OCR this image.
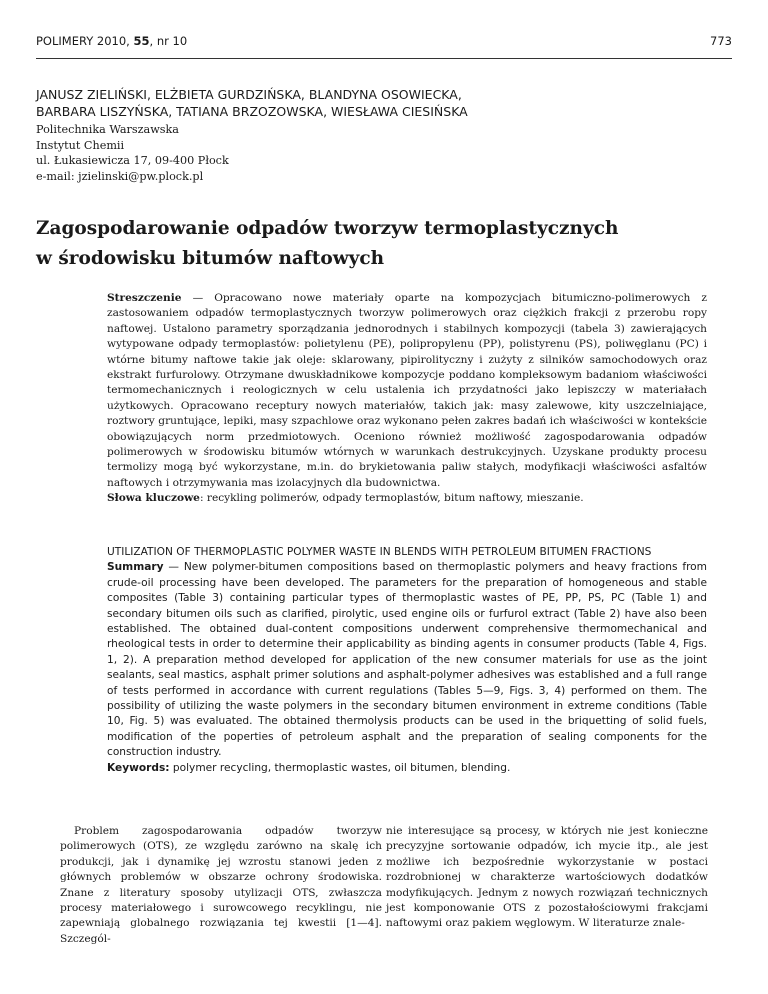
POLIMERY 2010, 55, nr 10	773
JANUSZ ZIELIŃSKI, ELŻBIETA GURDZIŃSKA, BLANDYNA OSOWIECKA,
BARBARA LISZYŃSKA, TATIANA BRZOZOWSKA, WIESŁAWA CIESIŃSKA
Politechnika Warszawska
Instytut Chemii
ul. Łukasiewicza 17, 09-400 Płock
e-mail: jzielinski@pw.plock.pl
Zagospodarowanie odpadów tworzyw termoplastycznych
w środowisku bitumów naftowych

Streszczenie — Opracowano nowe materiały oparte na kompozycjach bitumiczno-polimerowych z zastosowaniem odpadów termoplastycznych tworzyw polimerowych oraz ciężkich frakcji z przerobu ropy naftowej. Ustalono parametry sporządzania jednorodnych i stabilnych kompozycji (tabela 3) zawierających wytypowane odpady termoplastów: polietylenu (PE), polipropylenu (PP), polistyrenu (PS), poliwęglanu (PC) i wtórne bitumy naftowe takie jak oleje: sklarowany, pipirolityczny i zużyty z silników samochodowych oraz ekstrakt furfurolowy. Otrzymane dwuskładnikowe kompozycje poddano kompleksowym badaniom właściwości termomechanicznych i reologicznych w celu ustalenia ich przydatności jako lepiszczy w materiałach użytkowych. Opracowano receptury nowych materiałów, takich jak: masy zalewowe, kity uszczelniające, roztwory gruntujące, lepiki, masy szpachlowe oraz wykonano pełen zakres badań ich właściwości w kontekście obowiązujących norm przedmiotowych. Oceniono również możliwość zagospodarowania odpadów polimerowych w środowisku bitumów wtórnych w warunkach destrukcyjnych. Uzyskane produkty procesu termolizy mogą być wykorzystane, m.in. do brykietowania paliw stałych, modyfikacji właściwości asfaltów naftowych i otrzymywania mas izolacyjnych dla budownictwa.

Słowa kluczowe: recykling polimerów, odpady termoplastów, bitum naftowy, mieszanie.

UTILIZATION OF THERMOPLASTIC POLYMER WASTE IN BLENDS WITH PETROLEUM BITUMEN FRACTIONS

Summary — New polymer-bitumen compositions based on thermoplastic polymers and heavy fractions from crude-oil processing have been developed. The parameters for the preparation of homogeneous and stable composites (Table 3) containing particular types of thermoplastic wastes of PE, PP, PS, PC (Table 1) and secondary bitumen oils such as clarified, pirolytic, used engine oils or furfurol extract (Table 2) have also been established. The obtained dual-content compositions underwent comprehensive thermomechanical and rheological tests in order to determine their applicability as binding agents in consumer products (Table 4, Figs. 1, 2). A preparation method developed for application of the new consumer materials for use as the joint sealants, seal mastics, asphalt primer solutions and asphalt-polymer adhesives was established and a full range of tests performed in accordance with current regulations (Tables 5—9, Figs. 3, 4) performed on them. The possibility of utilizing the waste polymers in the secondary bitumen environment in extreme conditions (Table 10, Fig. 5) was evaluated. The obtained thermolysis products can be used in the briquetting of solid fuels, modification of the poperties of petroleum asphalt and the preparation of sealing components for the construction industry.

Keywords: polymer recycling, thermoplastic wastes, oil bitumen, blending.

Problem zagospodarowania odpadów tworzyw polimerowych (OTS), ze względu zarówno na skalę ich produkcji, jak i dynamikę jej wzrostu stanowi jeden z głównych problemów w obszarze ochrony środowiska. Znane z literatury sposoby utylizacji OTS, zwłaszcza procesy materiałowego i surowcowego recyklingu, nie zapewniają globalnego rozwiązania tej kwestii [1—4]. Szczegól-
nie interesujące są procesy, w których nie jest konieczne precyzyjne sortowanie odpadów, ich mycie itp., ale jest możliwe ich bezpośrednie wykorzystanie w postaci rozdrobnionej w charakterze wartościowych dodatków modyfikujących. Jednym z nowych rozwiązań technicznych jest komponowanie OTS z pozostałościowymi frakcjami naftowymi oraz pakiem węglowym. W literaturze znale-
